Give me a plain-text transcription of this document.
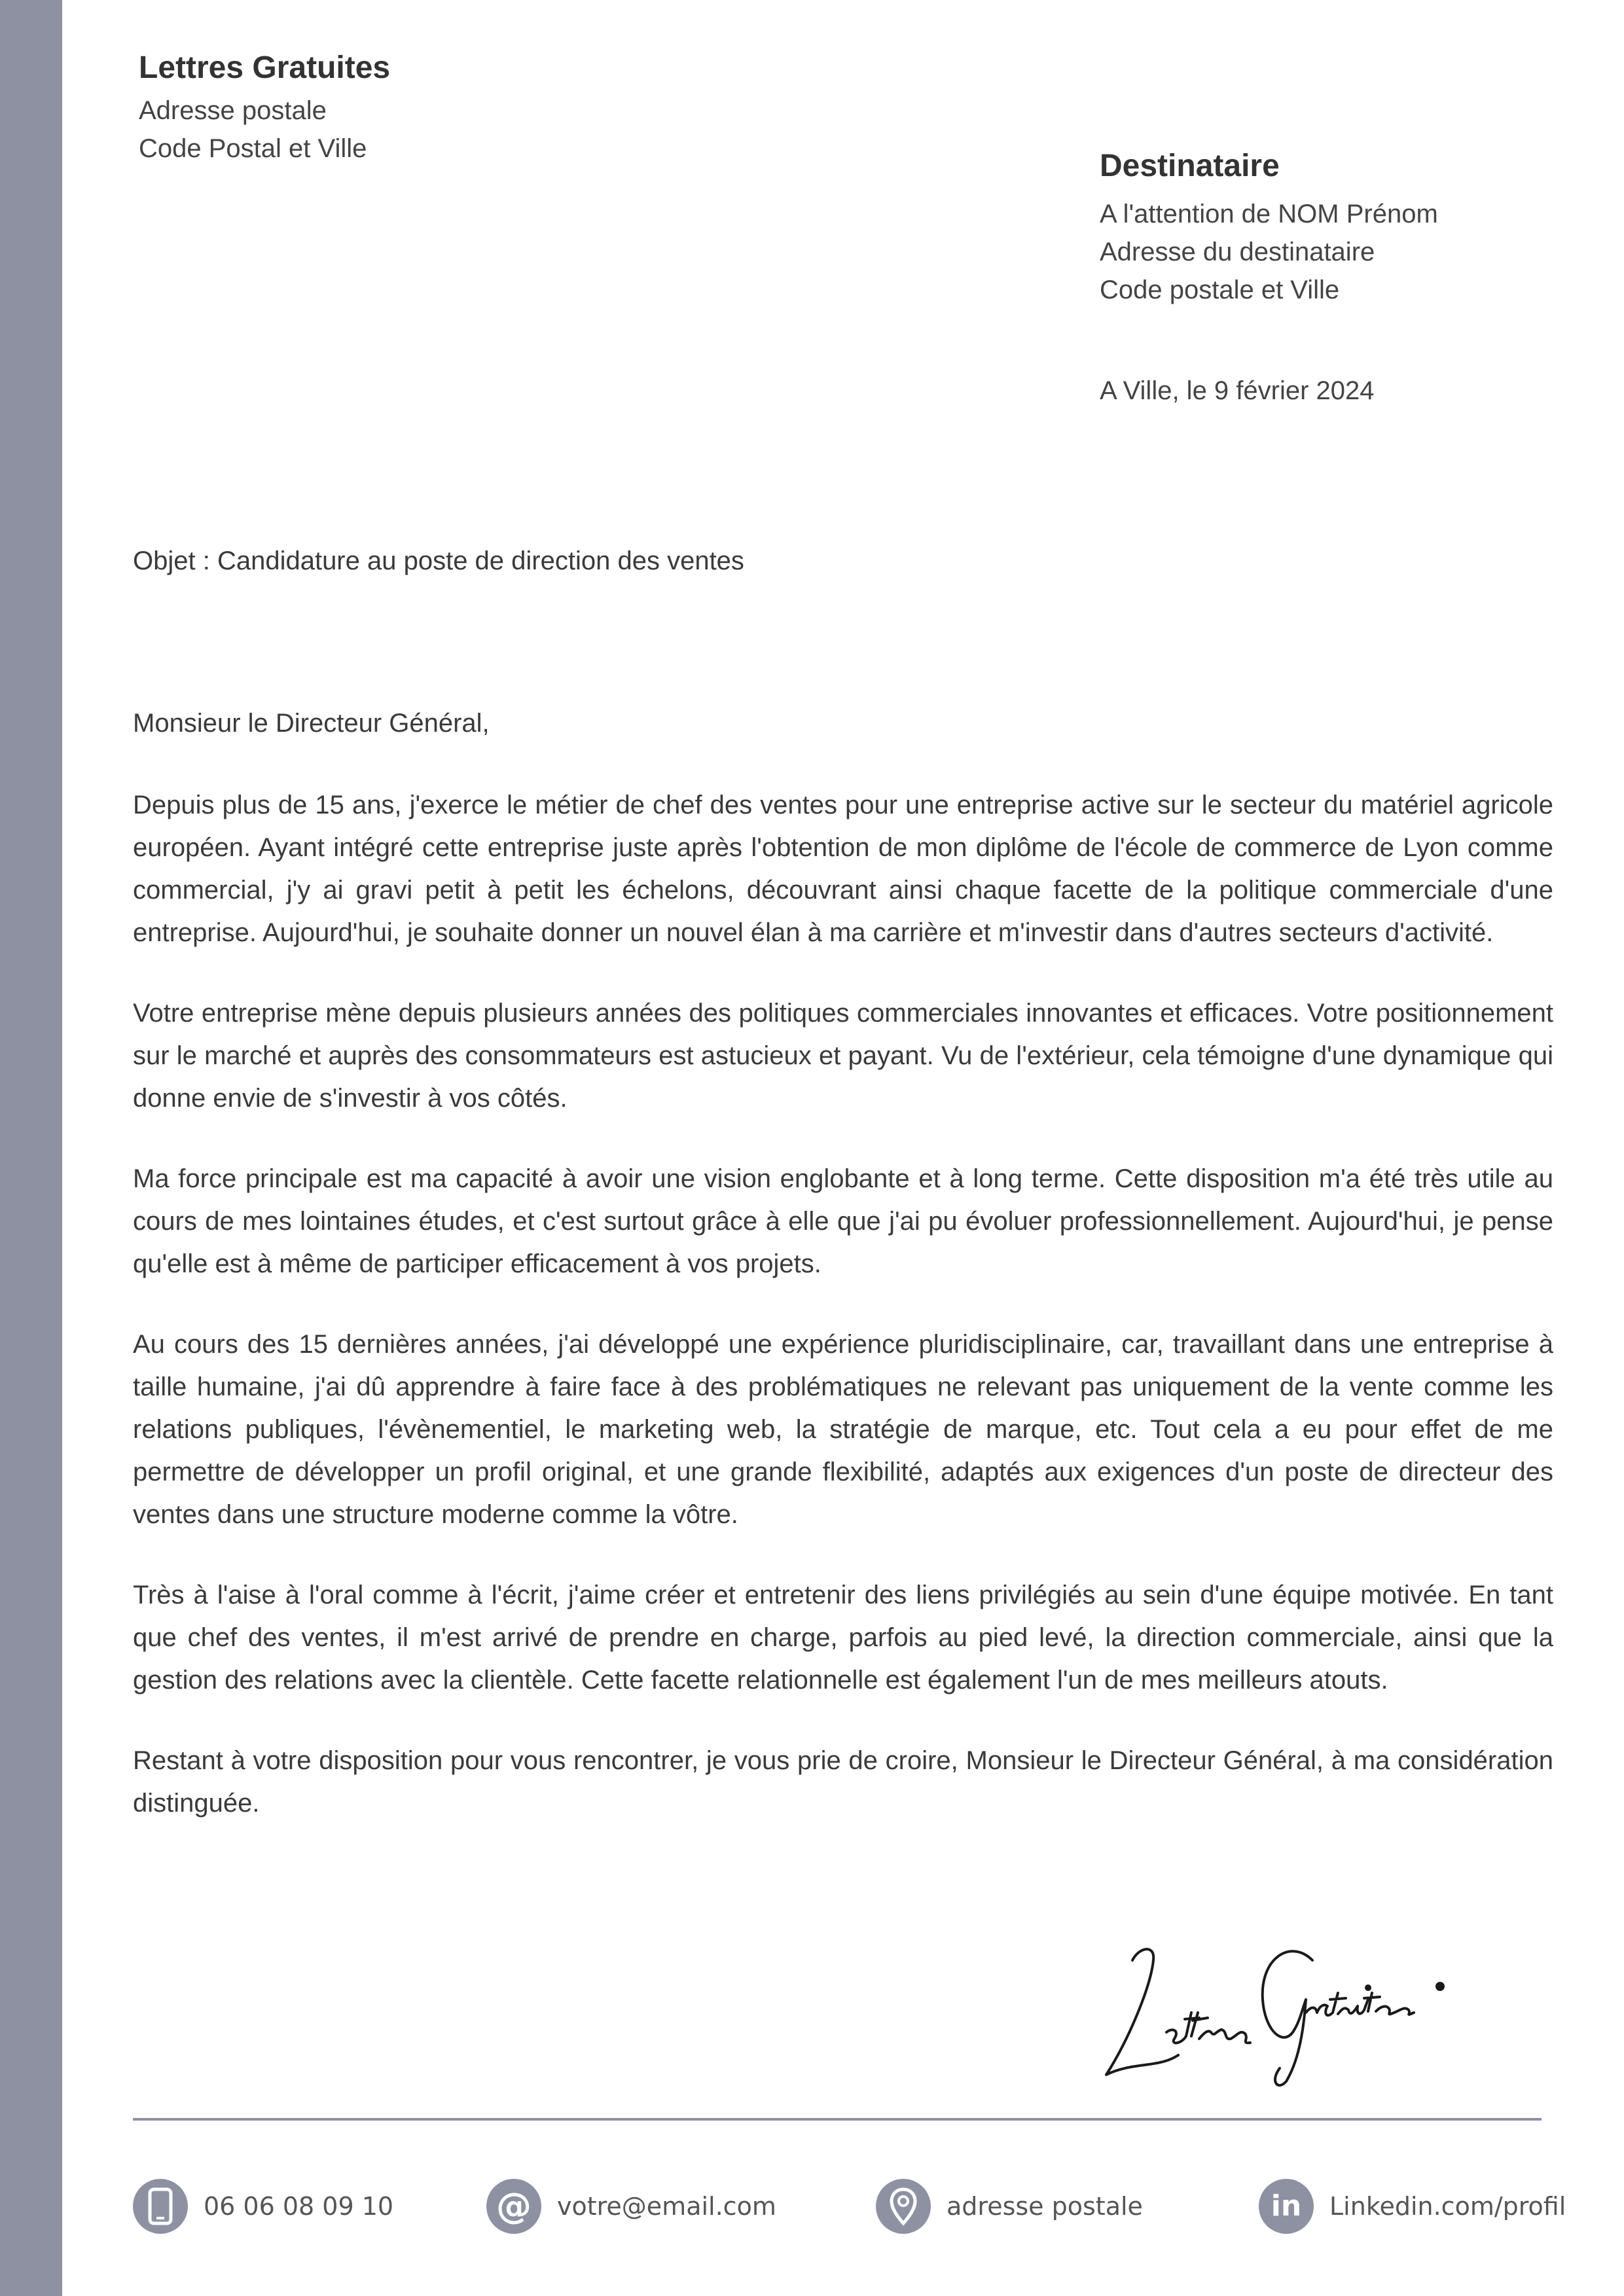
Lettres Gratuites
Adresse postale
Code Postal et Ville	Destinataire
A l'attention de NOM Prénom
Adresse du destinataire
Code postale et Ville
A Ville, le 9 février 2024
Objet : Candidature au poste de direction des ventes
Monsieur le Directeur Général,

Depuis plus de 15 ans, j'exerce le métier de chef des ventes pour une entreprise active sur le secteur du matériel agricole européen. Ayant intégré cette entreprise juste après l'obtention de mon diplôme de l'école de commerce de Lyon comme commercial, j'y ai gravi petit à petit les échelons, découvrant ainsi chaque facette de la politique commerciale d'une entreprise. Aujourd'hui, je souhaite donner un nouvel élan à ma carrière et m'investir dans d'autres secteurs d'activité.

Votre entreprise mène depuis plusieurs années des politiques commerciales innovantes et efficaces. Votre positionnement sur le marché et auprès des consommateurs est astucieux et payant. Vu de l'extérieur, cela témoigne d'une dynamique qui donne envie de s'investir à vos côtés.

Ma force principale est ma capacité à avoir une vision englobante et à long terme. Cette disposition m'a été très utile au cours de mes lointaines études, et c'est surtout grâce à elle que j'ai pu évoluer professionnellement. Aujourd'hui, je pense qu'elle est à même de participer efficacement à vos projets.

Au cours des 15 dernières années, j'ai développé une expérience pluridisciplinaire, car, travaillant dans une entreprise à taille humaine, j'ai dû apprendre à faire face à des problématiques ne relevant pas uniquement de la vente comme les relations publiques, l'évènementiel, le marketing web, la stratégie de marque, etc. Tout cela a eu pour effet de me permettre de développer un profil original, et une grande flexibilité, adaptés aux exigences d'un poste de directeur des ventes dans une structure moderne comme la vôtre.

Très à l'aise à l'oral comme à l'écrit, j'aime créer et entretenir des liens privilégiés au sein d'une équipe motivée. En tant que chef des ventes, il m'est arrivé de prendre en charge, parfois au pied levé, la direction commerciale, ainsi que la gestion des relations avec la clientèle. Cette facette relationnelle est également l'un de mes meilleurs atouts.

Restant à votre disposition pour vous rencontrer, je vous prie de croire, Monsieur le Directeur Général, à ma considération distinguée.

06 06 08 09 10	@ votre@email.com	adresse postale	in Linkedin.com/profil
